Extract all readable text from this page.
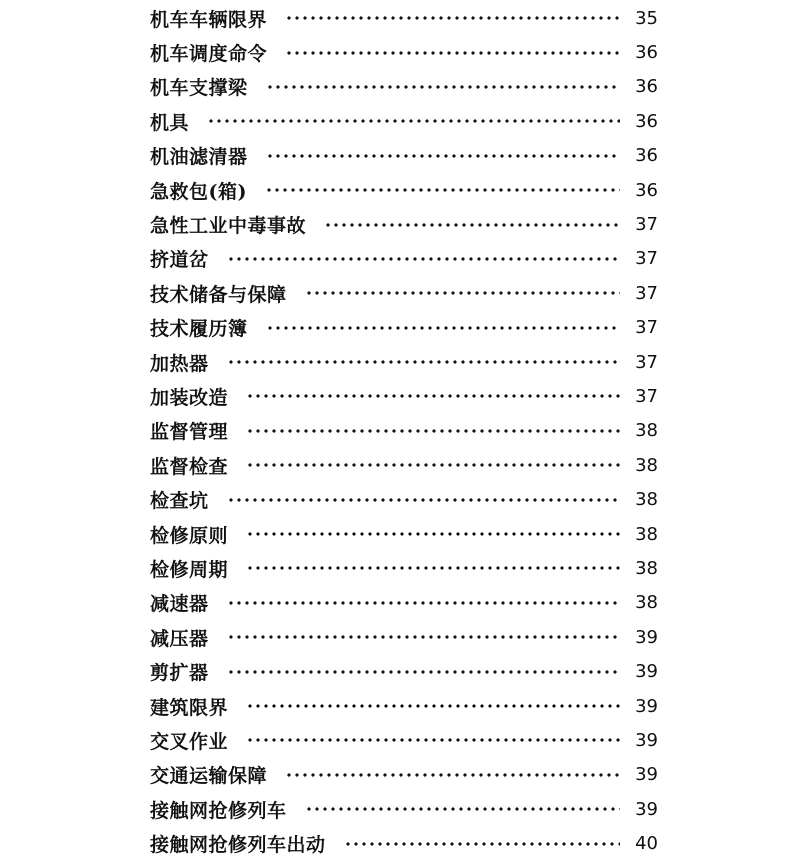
机车车辆限界	35
机车调度命令	36
机车支撑梁	36
机具	36
机油滤清器	36
急救包(箱)	36
急性工业中毒事故	37
挤道岔	37
技术储备与保障	37
技术履历簿	37
加热器	37
加装改造	37
监督管理	38
监督检查	38
检查坑	38
检修原则	38
检修周期	38
减速器	38
减压器	39
剪扩器	39
建筑限界	39
交叉作业	39
交通运输保障	39
接触网抢修列车	39
接触网抢修列车出动	40
